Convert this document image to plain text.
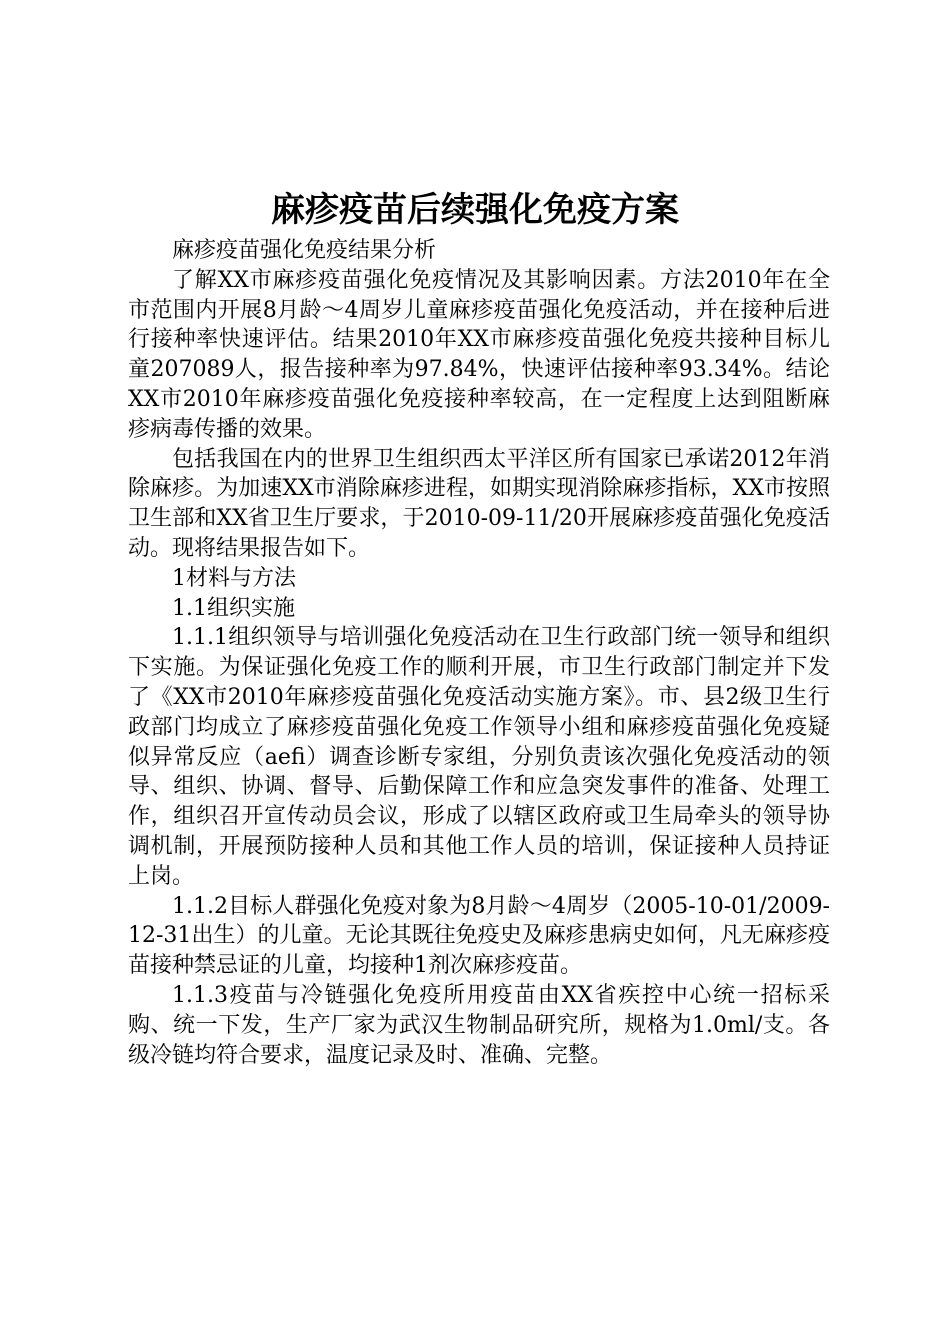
麻疹疫苗后续强化免疫方案

麻疹疫苗强化免疫结果分析

了解XX市麻疹疫苗强化免疫情况及其影响因素。方法2010年在全市范围内开展8月龄～4周岁儿童麻疹疫苗强化免疫活动，并在接种后进行接种率快速评估。结果2010年XX市麻疹疫苗强化免疫共接种目标儿童207089人，报告接种率为97.84%，快速评估接种率93.34%。结论XX市2010年麻疹疫苗强化免疫接种率较高，在一定程度上达到阻断麻疹病毒传播的效果。

包括我国在内的世界卫生组织西太平洋区所有国家已承诺2012年消除麻疹。为加速XX市消除麻疹进程，如期实现消除麻疹指标，XX市按照卫生部和XX省卫生厅要求，于2010-09-11/20开展麻疹疫苗强化免疫活动。现将结果报告如下。

1材料与方法

1.1组织实施

1.1.1组织领导与培训强化免疫活动在卫生行政部门统一领导和组织下实施。为保证强化免疫工作的顺利开展，市卫生行政部门制定并下发了《XX市2010年麻疹疫苗强化免疫活动实施方案》。市、县2级卫生行政部门均成立了麻疹疫苗强化免疫工作领导小组和麻疹疫苗强化免疫疑似异常反应（aefi）调查诊断专家组，分别负责该次强化免疫活动的领导、组织、协调、督导、后勤保障工作和应急突发事件的准备、处理工作，组织召开宣传动员会议，形成了以辖区政府或卫生局牵头的领导协调机制，开展预防接种人员和其他工作人员的培训，保证接种人员持证上岗。

1.1.2目标人群强化免疫对象为8月龄～4周岁（2005-10-01/2009-12-31出生）的儿童。无论其既往免疫史及麻疹患病史如何，凡无麻疹疫苗接种禁忌证的儿童，均接种1剂次麻疹疫苗。

1.1.3疫苗与冷链强化免疫所用疫苗由XX省疾控中心统一招标采购、统一下发，生产厂家为武汉生物制品研究所，规格为1.0ml/支。各级冷链均符合要求，温度记录及时、准确、完整。
